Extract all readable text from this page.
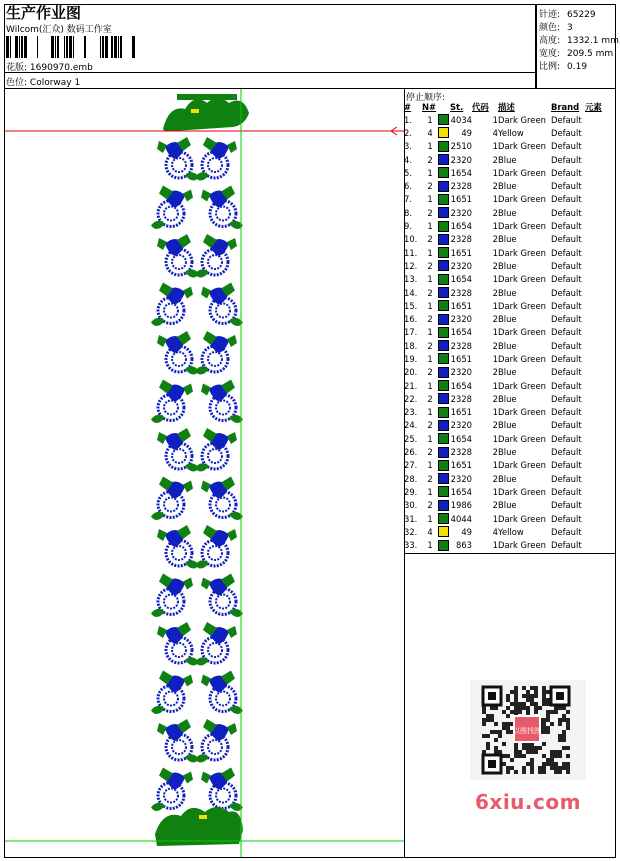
生产作业图
Wilcom(汇众) 数码工作室
花版: 1690970.emb
色位: Colorway 1
针迹: 65229
颜色: 3
高度: 1332.1 mm
宽度: 209.5 mm
比例: 0.19
停止顺序:
#	N#		St.	代码	描述	Brand	元素
1.	1		4034	1	Dark Green	Default	
2.	4		49	4	Yellow	Default	
3.	1		2510	1	Dark Green	Default	
4.	2		2320	2	Blue	Default	
5.	1		1654	1	Dark Green	Default	
6.	2		2328	2	Blue	Default	
7.	1		1651	1	Dark Green	Default	
8.	2		2320	2	Blue	Default	
9.	1		1654	1	Dark Green	Default	
10.	2		2328	2	Blue	Default	
11.	1		1651	1	Dark Green	Default	
12.	2		2320	2	Blue	Default	
13.	1		1654	1	Dark Green	Default	
14.	2		2328	2	Blue	Default	
15.	1		1651	1	Dark Green	Default	
16.	2		2320	2	Blue	Default	
17.	1		1654	1	Dark Green	Default	
18.	2		2328	2	Blue	Default	
19.	1		1651	1	Dark Green	Default	
20.	2		2320	2	Blue	Default	
21.	1		1654	1	Dark Green	Default	
22.	2		2328	2	Blue	Default	
23.	1		1651	1	Dark Green	Default	
24.	2		2320	2	Blue	Default	
25.	1		1654	1	Dark Green	Default	
26.	2		2328	2	Blue	Default	
27.	1		1651	1	Dark Green	Default	
28.	2		2320	2	Blue	Default	
29.	1		1654	1	Dark Green	Default	
30.	2		1986	2	Blue	Default	
31.	1		4044	1	Dark Green	Default	
32.	4		49	4	Yellow	Default	
33.	1		863	1	Dark Green	Default	
以图找图
6xiu.com
